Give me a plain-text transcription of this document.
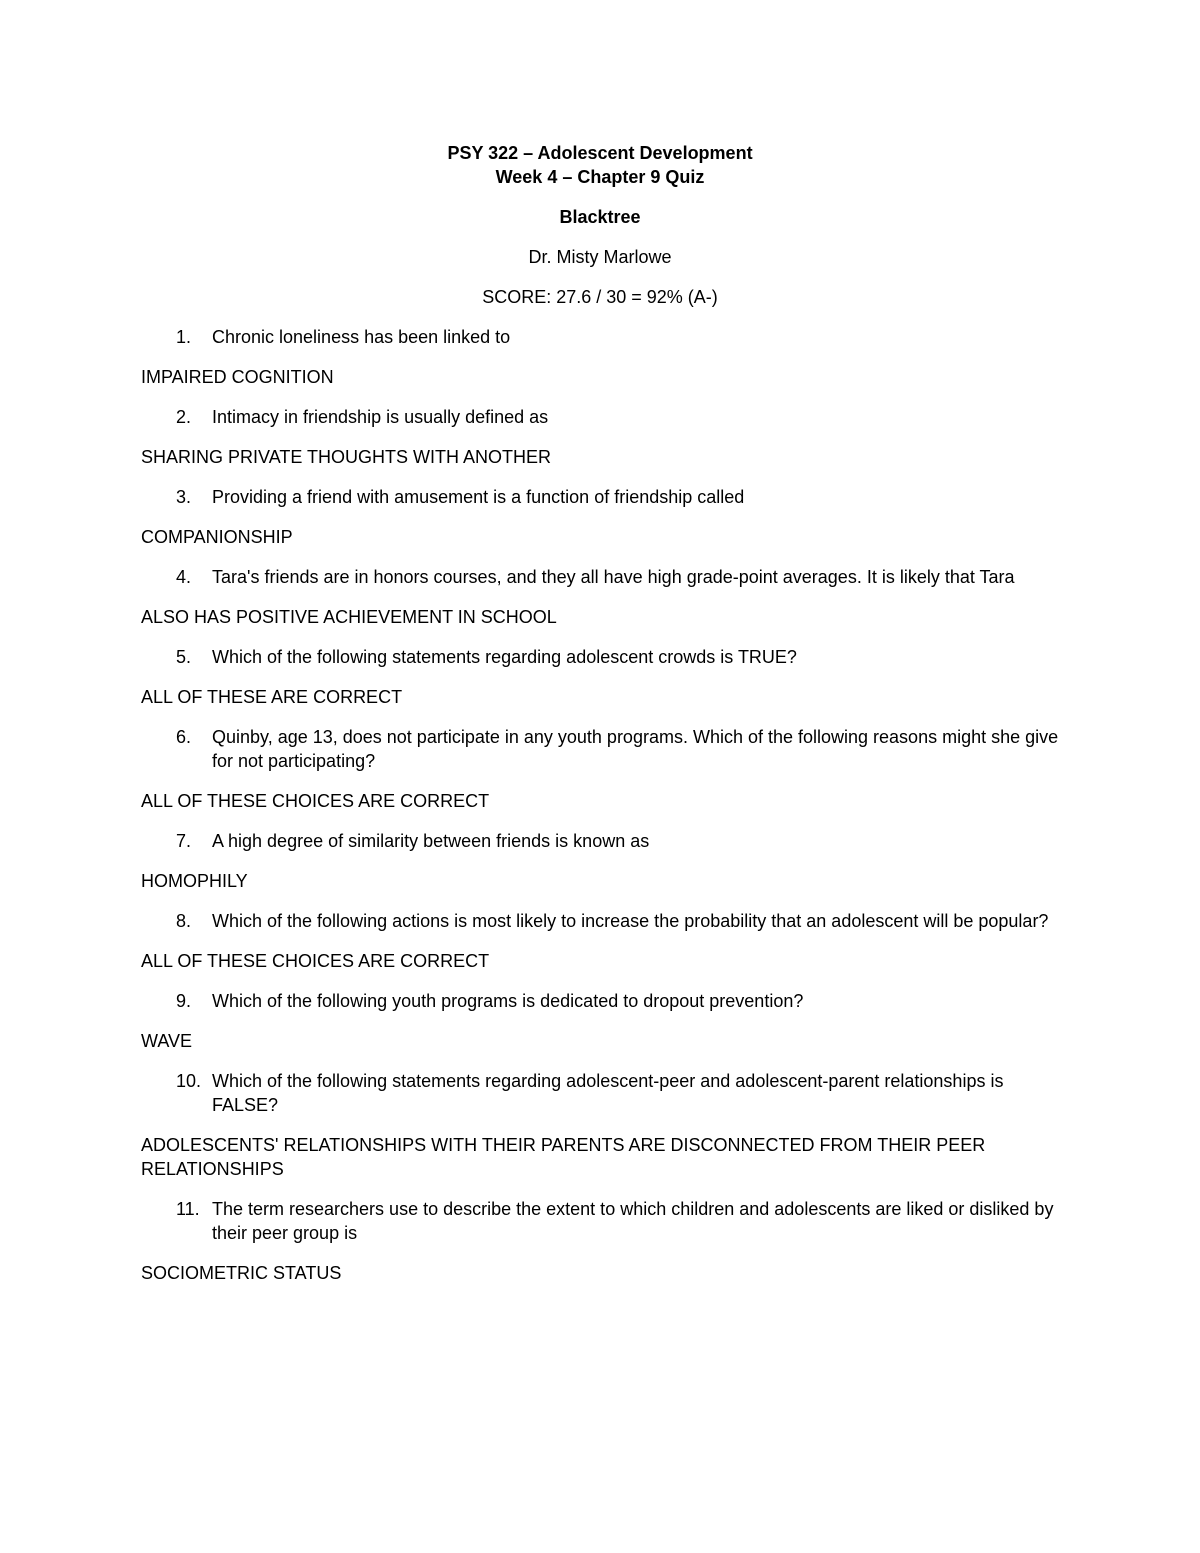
PSY 322 – Adolescent Development
Week 4 – Chapter 9 Quiz
Blacktree
Dr. Misty Marlowe
SCORE: 27.6 / 30 = 92% (A-)
1. Chronic loneliness has been linked to
IMPAIRED COGNITION
2. Intimacy in friendship is usually defined as
SHARING PRIVATE THOUGHTS WITH ANOTHER
3. Providing a friend with amusement is a function of friendship called
COMPANIONSHIP
4. Tara's friends are in honors courses, and they all have high grade-point averages. It is likely that Tara
ALSO HAS POSITIVE ACHIEVEMENT IN SCHOOL
5. Which of the following statements regarding adolescent crowds is TRUE?
ALL OF THESE ARE CORRECT
6. Quinby, age 13, does not participate in any youth programs. Which of the following reasons might she give for not participating?
ALL OF THESE CHOICES ARE CORRECT
7. A high degree of similarity between friends is known as
HOMOPHILY
8. Which of the following actions is most likely to increase the probability that an adolescent will be popular?
ALL OF THESE CHOICES ARE CORRECT
9. Which of the following youth programs is dedicated to dropout prevention?
WAVE
10. Which of the following statements regarding adolescent-peer and adolescent-parent relationships is FALSE?
ADOLESCENTS' RELATIONSHIPS WITH THEIR PARENTS ARE DISCONNECTED FROM THEIR PEER RELATIONSHIPS
11. The term researchers use to describe the extent to which children and adolescents are liked or disliked by their peer group is
SOCIOMETRIC STATUS
